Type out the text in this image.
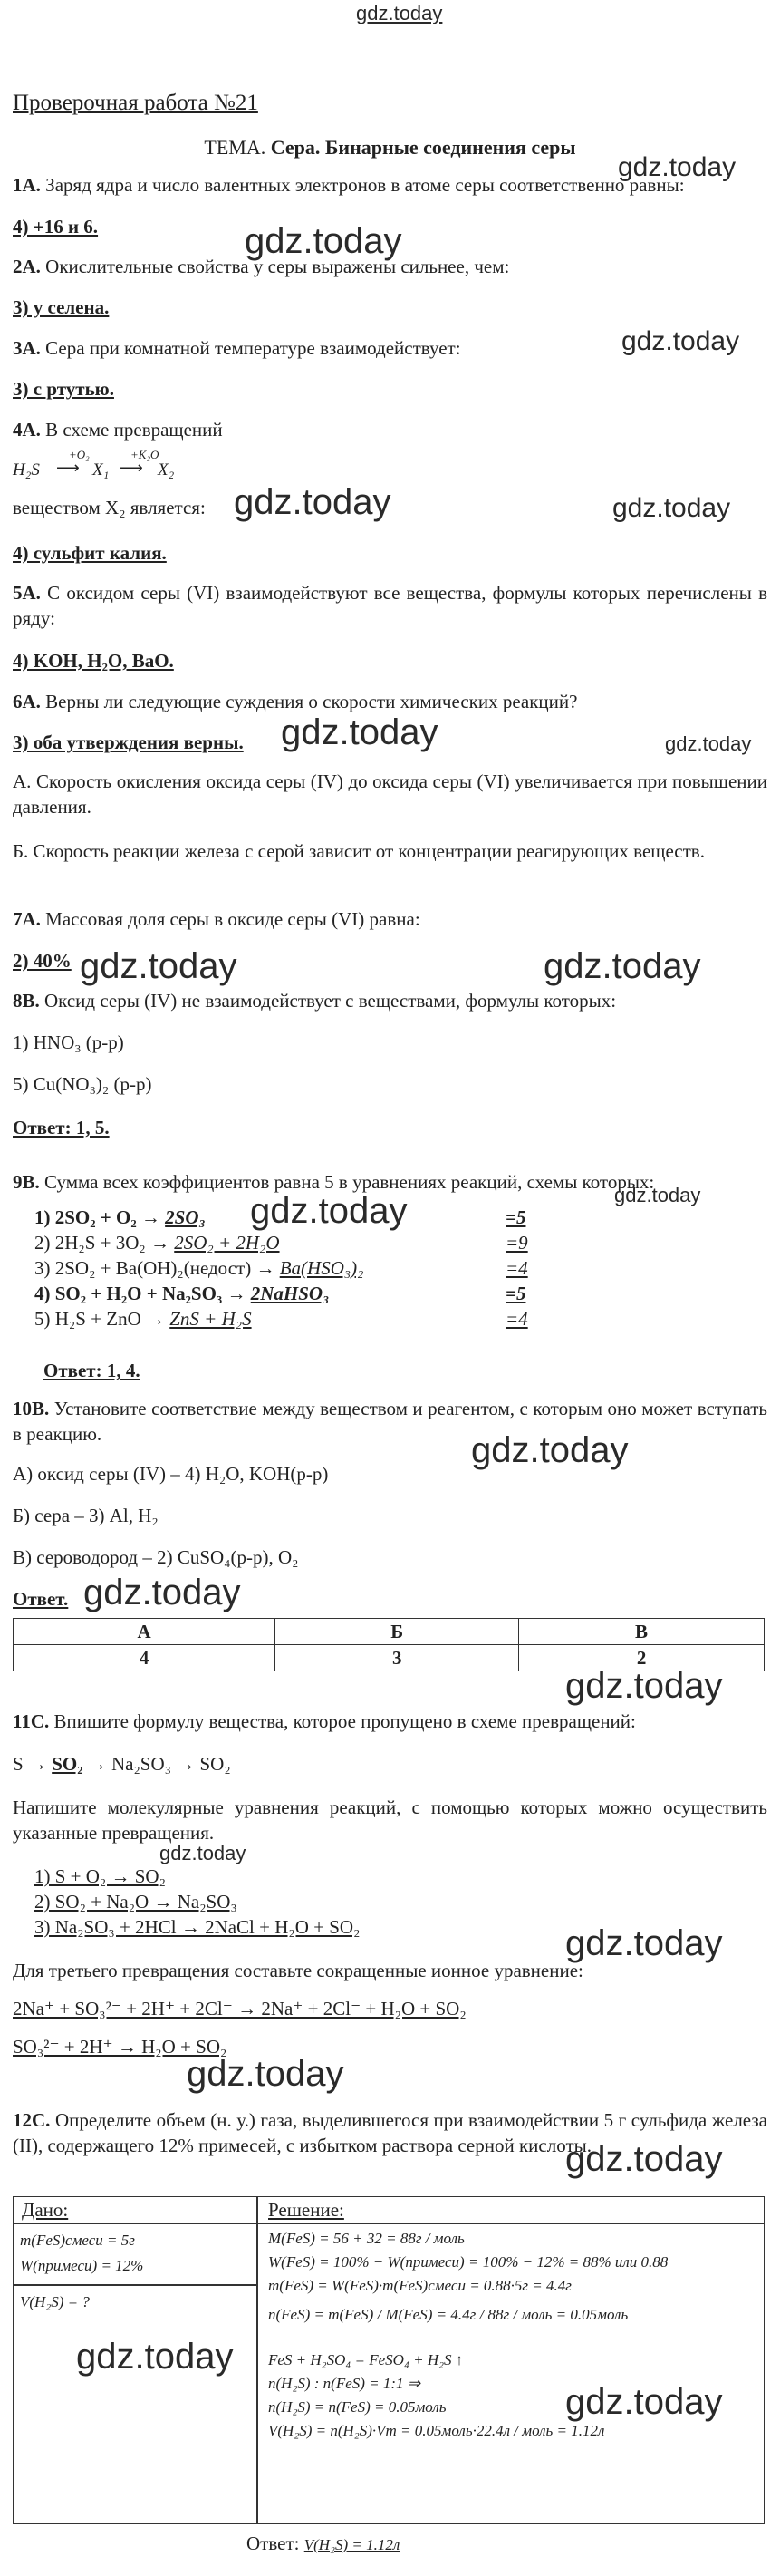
gdz.today
Проверочная работа №21
ТЕМА. Сера. Бинарные соединения серы
1А. Заряд ядра и число валентных электронов в атоме серы соответственно равны:
4) +16 и 6.
2А. Окислительные свойства у серы выражены сильнее, чем:
3) у селена.
3А. Сера при комнатной температуре взаимодействует:
3) с ртутью.
4А. В схеме превращений
H₂S
+O₂
⟶ X₁
+K₂O
⟶ X₂
веществом X₂ является:
4) сульфит калия.
5А. С оксидом серы (VI) взаимодействуют все вещества, формулы которых перечислены в ряду:
4) KOH, H₂O, BaO.
6А. Верны ли следующие суждения о скорости химических реакций?
3) оба утверждения верны.
А. Скорость окисления оксида серы (IV) до оксида серы (VI) увеличивается при повышении давления.
Б. Скорость реакции железа с серой зависит от концентрации реагирующих веществ.
7А. Массовая доля серы в оксиде серы (VI) равна:
2) 40%
8В. Оксид серы (IV) не взаимодействует с веществами, формулы которых:
1) HNO₃ (р-р)
5) Cu(NO₃)₂ (р-р)
Ответ: 1, 5.
9В. Сумма всех коэффициентов равна 5 в уравнениях реакций, схемы которых:
1) 2SO₂ + O₂ → 2SO₃	=5
2) 2H₂S + 3O₂ → 2SO₂ + 2H₂O	=9
3) 2SO₂ + Ba(OH)₂(недост) → Ba(HSO₃)₂	=4
4) SO₂ + H₂O + Na₂SO₃ → 2NaHSO₃	=5
5) H₂S + ZnO → ZnS + H₂S	=4
Ответ: 1, 4.
10В. Установите соответствие между веществом и реагентом, с которым оно может вступать в реакцию.
А) оксид серы (IV) – 4) H₂O, KOH(р-р)
Б) сера – 3) Al, H₂
В) сероводород – 2) CuSO₄(р-р), O₂
Ответ.
А	Б	В
4	3	2
11С. Впишите формулу вещества, которое пропущено в схеме превращений:
S → SO₂ → Na₂SO₃ → SO₂
Напишите молекулярные уравнения реакций, с помощью которых можно осуществить указанные превращения.
1) S + O₂ → SO₂
2) SO₂ + Na₂O → Na₂SO₃
3) Na₂SO₃ + 2HCl → 2NaCl + H₂O + SO₂
Для третьего превращения составьте сокращенные ионное уравнение:
2Na⁺ + SO₃²⁻ + 2H⁺ + 2Cl⁻ → 2Na⁺ + 2Cl⁻ + H₂O + SO₂
SO₃²⁻ + 2H⁺ → H₂O + SO₂
12С. Определите объем (н. у.) газа, выделившегося при взаимодействии 5 г сульфида железа (II), содержащего 12% примесей, с избытком раствора серной кислоты.
Дано:	Решение:
m(FeS)смеси = 5г
W(примеси) = 12%
V(H₂S) = ?
M(FeS) = 56 + 32 = 88г / моль
W(FeS) = 100% − W(примеси) = 100% − 12% = 88% или 0.88
m(FeS) = W(FeS)·m(FeS)смеси = 0.88·5г = 4.4г
n(FeS) = m(FeS) / M(FeS) = 4.4г / 88г / моль = 0.05моль
FeS + H₂SO₄ = FeSO₄ + H₂S ↑
n(H₂S) : n(FeS) = 1:1 ⇒
n(H₂S) = n(FeS) = 0.05моль
V(H₂S) = n(H₂S)·Vm = 0.05моль·22.4л / моль = 1.12л
Ответ: V(H₂S) = 1.12л
gdz.today
gdz.today
gdz.today
gdz.today	gdz.today
gdz.today	gdz.today
gdz.today	gdz.today
gdz.today
gdz.today
gdz.today
gdz.today
gdz.today
gdz.today
gdz.today
gdz.today
gdz.today
gdz.today
gdz.today
